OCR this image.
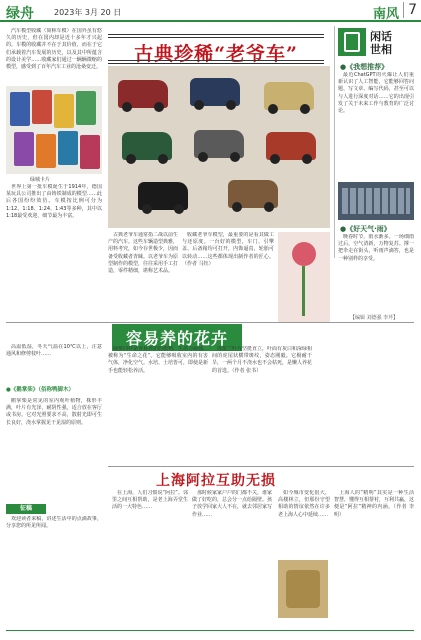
绿舟	2023年 3月 20 日	南风 7
古典珍稀“老爷车”
闲话
世相
汽车模型收藏（简称车模）在国外虽有悠久的历史，但在国内却是近十多年才兴起的。车模的收藏并不在于其价值，而在于它们承载着汽车发展的历史，以及其中所蕴含的设计美学……收藏家们通过一辆辆微缩的模型，感受到了百年汽车工业的沧桑变迁。
绿城卡片
世界上第一批车模诞生于1914年，德国某玩具公司推出了由铸铁制成的模型……此后各国纷纷效仿。车模按比例可分为1:12、1:18、1:24、1:43等多种，其中以1:18最受欢迎，细节最为丰富。
古典老爷车通常指二战以前生产的汽车。这些车辆造型典雅，用料考究，如今存世极少，因而备受收藏者青睐。以老爷车为原型制作的模型，往往采用手工打造，零件精细，堪称艺术品。
收藏老爷车模型，最重要的是看其做工与还原度。一台好的模型，车门、引擎盖、后备箱均可打开，内饰逼真，轮胎可以转动……这些都体现出制作者的匠心。（作者 马钰）
●《我想推荐》
最近ChatGPT的火爆让人们重新认识了人工智能，它能够回答问题、写文章、编写代码，甚至可以与人进行深度对话……它的出现引发了关于未来工作与教育的广泛讨论。
●《好天气·雨》
晚春时节，雨水渐多。一场细雨过后，空气清新，万物复苏。撑一把伞走在街头，听雨声滴答，也是一种别样的享受。
【编辑 刘德强 李芹】
容易养的花卉
高温低湿，冬天气温在10℃以上，注意通风和修剪枝叶……
●《鹅掌柴》（俗称鸭脚木）
鹅掌柴是常见的室内观叶植物，株形丰满，叶片有光泽，耐阴性强，适合放在客厅或书房。它对光照要求不高，散射光即可生长良好，浇水掌握见干见湿的原则。
绿萝同样是容易养护的植物，生命力顽强，被称为“生命之花”。它能够吸收室内的有害气体，净化空气。水培、土培皆可，即使是新手也能轻松养活。
虎皮兰叶片坚挺直立，叶面有灰白和深绿相间的虎尾状横带斑纹，姿态刚毅。它极耐干旱，一两个月不浇水也不会枯死，是懒人养花的首选。（作者 张书）
征稿
欢迎读者来稿，讲述生活中的点滴故事，分享您的所见所闻。
上海阿拉互助无损
在上海，人们习惯说“阿拉”。邻里之间互相帮助，是老上海弄堂生活的一大特色……
那时候家家户户的门都不关，谁家做了好吃的，总会分一点给隔壁。孩子放学回家大人不在，就去邻居家写作业……
如今城市变化很大，高楼林立，但那份守望相助的情谊依然在许多老上海人心中延续……
上海人的“精明”其实是一种生活智慧，懂得互相帮衬，互利共赢，这便是“阿拉”精神的内涵。（作者 李明）
